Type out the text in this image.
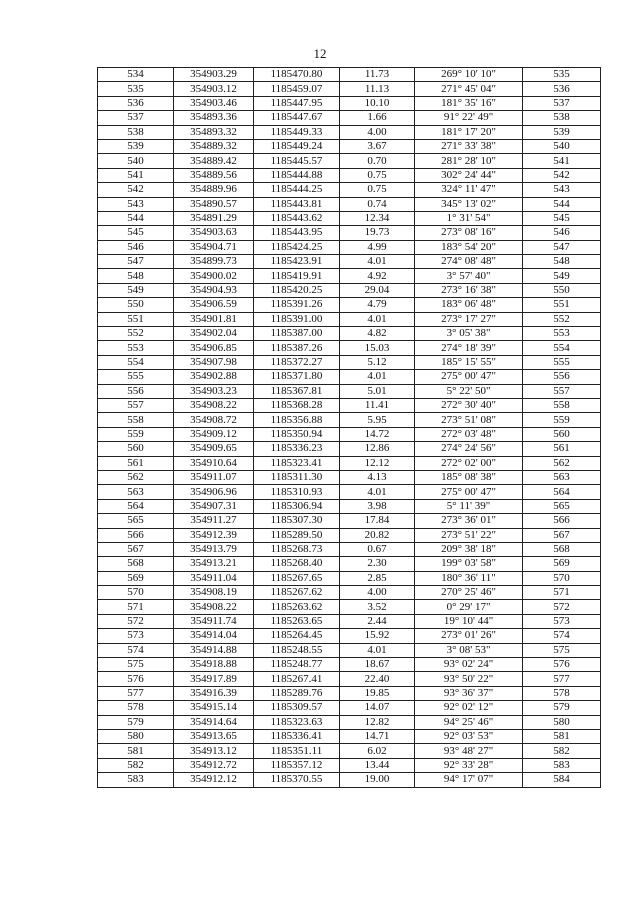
12
534	354903.29	1185470.80	11.73	269° 10' 10"	535
535	354903.12	1185459.07	11.13	271° 45' 04"	536
536	354903.46	1185447.95	10.10	181° 35' 16"	537
537	354893.36	1185447.67	1.66	91° 22' 49"	538
538	354893.32	1185449.33	4.00	181° 17' 20"	539
539	354889.32	1185449.24	3.67	271° 33' 38"	540
540	354889.42	1185445.57	0.70	281° 28' 10"	541
541	354889.56	1185444.88	0.75	302° 24' 44"	542
542	354889.96	1185444.25	0.75	324° 11' 47"	543
543	354890.57	1185443.81	0.74	345° 13' 02"	544
544	354891.29	1185443.62	12.34	1° 31' 54"	545
545	354903.63	1185443.95	19.73	273° 08' 16"	546
546	354904.71	1185424.25	4.99	183° 54' 20"	547
547	354899.73	1185423.91	4.01	274° 08' 48"	548
548	354900.02	1185419.91	4.92	3° 57' 40"	549
549	354904.93	1185420.25	29.04	273° 16' 38"	550
550	354906.59	1185391.26	4.79	183° 06' 48"	551
551	354901.81	1185391.00	4.01	273° 17' 27"	552
552	354902.04	1185387.00	4.82	3° 05' 38"	553
553	354906.85	1185387.26	15.03	274° 18' 39"	554
554	354907.98	1185372.27	5.12	185° 15' 55"	555
555	354902.88	1185371.80	4.01	275° 00' 47"	556
556	354903.23	1185367.81	5.01	5° 22' 50"	557
557	354908.22	1185368.28	11.41	272° 30' 40"	558
558	354908.72	1185356.88	5.95	273° 51' 08"	559
559	354909.12	1185350.94	14.72	272° 03' 48"	560
560	354909.65	1185336.23	12.86	274° 24' 56"	561
561	354910.64	1185323.41	12.12	272° 02' 00"	562
562	354911.07	1185311.30	4.13	185° 08' 38"	563
563	354906.96	1185310.93	4.01	275° 00' 47"	564
564	354907.31	1185306.94	3.98	5° 11' 39"	565
565	354911.27	1185307.30	17.84	273° 36' 01"	566
566	354912.39	1185289.50	20.82	273° 51' 22"	567
567	354913.79	1185268.73	0.67	209° 38' 18"	568
568	354913.21	1185268.40	2.30	199° 03' 58"	569
569	354911.04	1185267.65	2.85	180° 36' 11"	570
570	354908.19	1185267.62	4.00	270° 25' 46"	571
571	354908.22	1185263.62	3.52	0° 29' 17"	572
572	354911.74	1185263.65	2.44	19° 10' 44"	573
573	354914.04	1185264.45	15.92	273° 01' 26"	574
574	354914.88	1185248.55	4.01	3° 08' 53"	575
575	354918.88	1185248.77	18.67	93° 02' 24"	576
576	354917.89	1185267.41	22.40	93° 50' 22"	577
577	354916.39	1185289.76	19.85	93° 36' 37"	578
578	354915.14	1185309.57	14.07	92° 02' 12"	579
579	354914.64	1185323.63	12.82	94° 25' 46"	580
580	354913.65	1185336.41	14.71	92° 03' 53"	581
581	354913.12	1185351.11	6.02	93° 48' 27"	582
582	354912.72	1185357.12	13.44	92° 33' 28"	583
583	354912.12	1185370.55	19.00	94° 17' 07"	584
